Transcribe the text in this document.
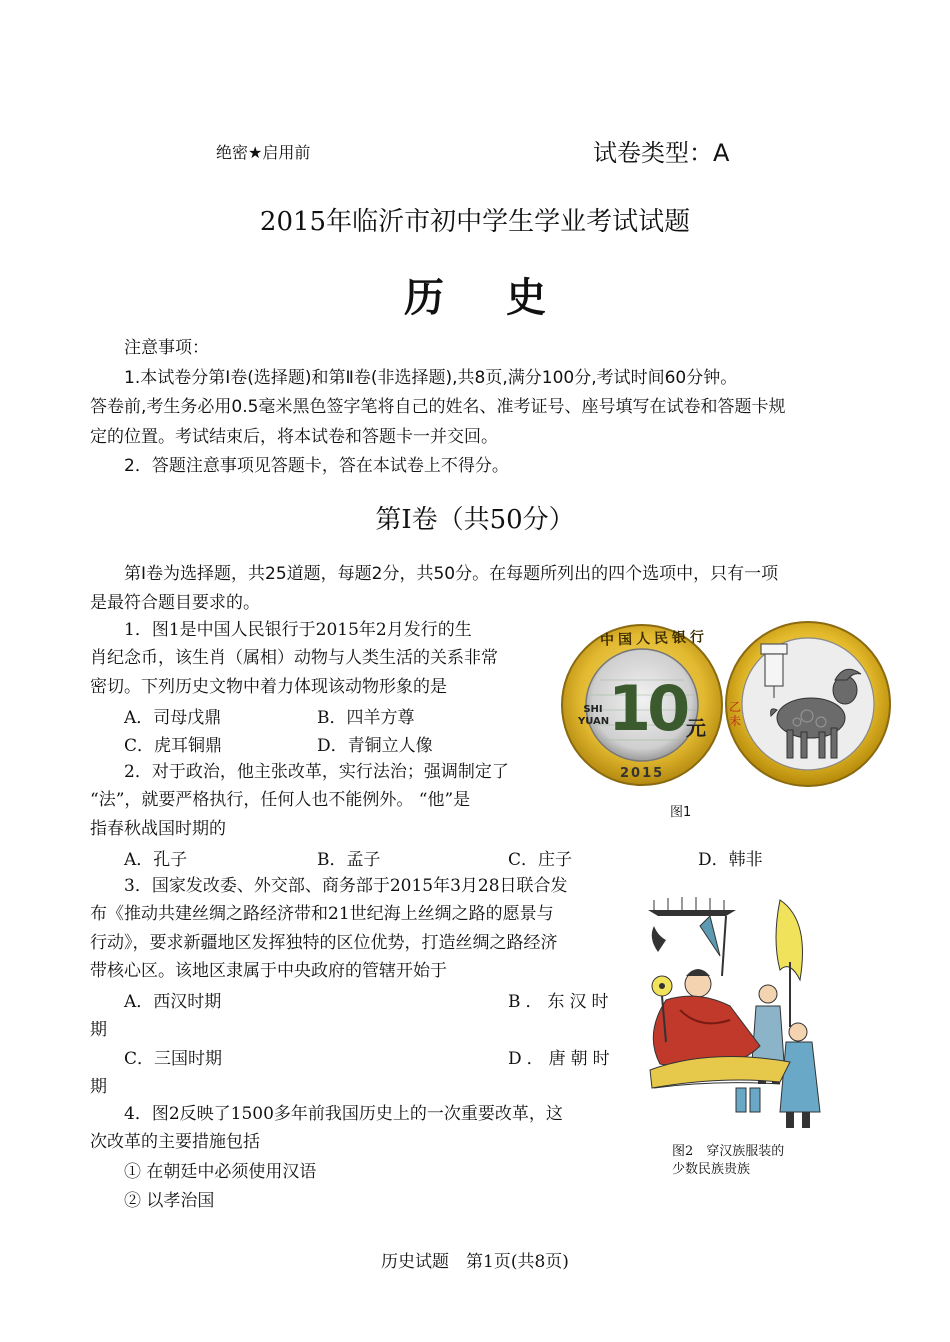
绝密★启用前	试卷类型：A
2015年临沂市初中学生学业考试试题
历 史

注意事项：

1.本试卷分第Ⅰ卷(选择题)和第Ⅱ卷(非选择题),共8页,满分100分,考试时间60分钟。

答卷前,考生务必用0.5毫米黑色签字笔将自己的姓名、准考证号、座号填写在试卷和答题卡规

定的位置。考试结束后，将本试卷和答题卡一并交回。

2．答题注意事项见答题卡，答在本试卷上不得分。

第Ⅰ卷（共50分）
第Ⅰ卷为选择题，共25道题，每题2分，共50分。在每题所列出的四个选项中，只有一项
是最符合题目要求的。

1．图1是中国人民银行于2015年2月发行的生

肖纪念币，该生肖（属相）动物与人类生活的关系非常

密切。下列历史文物中着力体现该动物形象的是

A．司母戊鼎	B．四羊方尊
C．虎耳铜鼎	D．青铜立人像

2．对于政治，他主张改革，实行法治；强调制定了

“法”，就要严格执行，任何人也不能例外。 “他”是

指春秋战国时期的

A．孔子	B．孟子	C．庄子	D．韩非

3．国家发改委、外交部、商务部于2015年3月28日联合发

布《推动共建丝绸之路经济带和21世纪海上丝绸之路的愿景与

行动》，要求新疆地区发挥独特的区位优势，打造丝绸之路经济

带核心区。该地区隶属于中央政府的管辖开始于

A．西汉时期	B．东汉时
期
C．三国时期	D．唐朝时
期

4．图2反映了1500多年前我国历史上的一次重要改革，这

次改革的主要措施包括

① 在朝廷中必须使用汉语
② 以孝治国
中国人民银行
10 元
SHI YUAN
2015
乙未
图1
图2　穿汉族服装的
少数民族贵族
历史试题　第1页(共8页)
